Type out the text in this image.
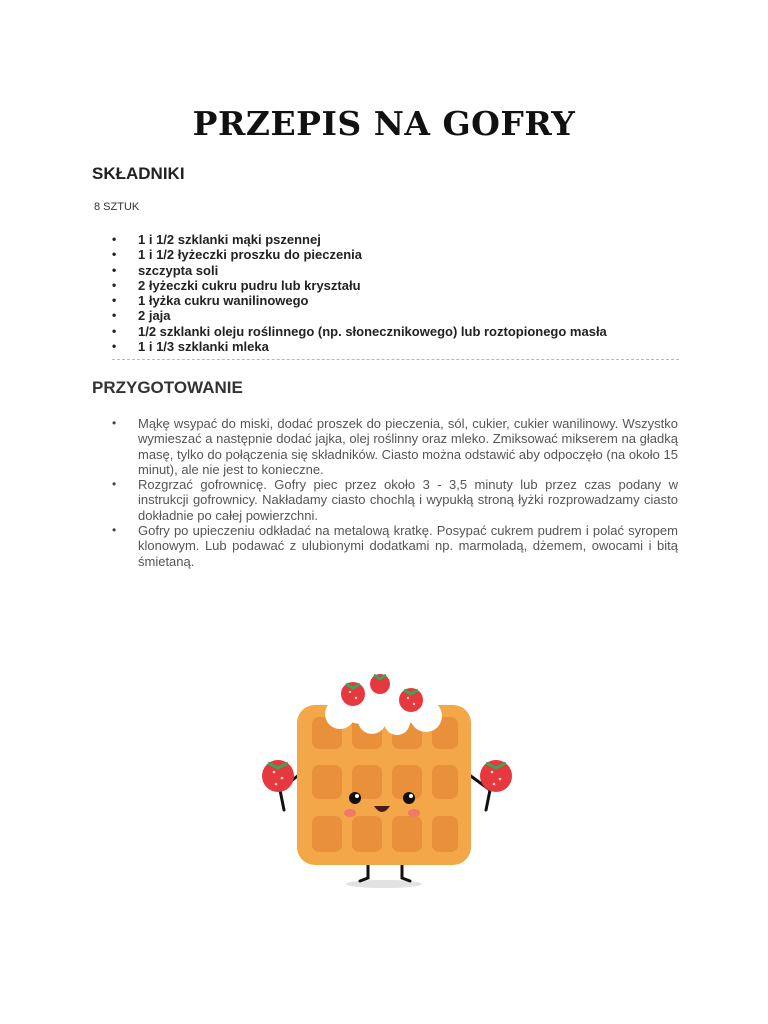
PRZEPIS NA GOFRY
SKŁADNIKI
8 SZTUK
• 1 i 1/2 szklanki mąki pszennej
• 1 i 1/2 łyżeczki proszku do pieczenia
• szczypta soli
• 2 łyżeczki cukru pudru lub kryształu
• 1 łyżka cukru wanilinowego
• 2 jaja
• 1/2 szklanki oleju roślinnego (np. słonecznikowego) lub roztopionego masła
• 1 i 1/3 szklanki mleka
PRZYGOTOWANIE
• Mąkę wsypać do miski, dodać proszek do pieczenia, sól, cukier, cukier wanilinowy. Wszystko wymieszać a następnie dodać jajka, olej roślinny oraz mleko. Zmiksować mikserem na gładką masę, tylko do połączenia się składników. Ciasto można odstawić aby odpoczęło (na około 15 minut), ale nie jest to konieczne.
• Rozgrzać gofrownicę. Gofry piec przez około 3 - 3,5 minuty lub przez czas podany w instrukcji gofrownicy. Nakładamy ciasto chochlą i wypukłą stroną łyżki rozprowadzamy ciasto dokładnie po całej powierzchni.
• Gofry po upieczeniu odkładać na metalową kratkę. Posypać cukrem pudrem i polać syropem klonowym. Lub podawać z ulubionymi dodatkami np. marmoladą, dżemem, owocami i bitą śmietaną.
